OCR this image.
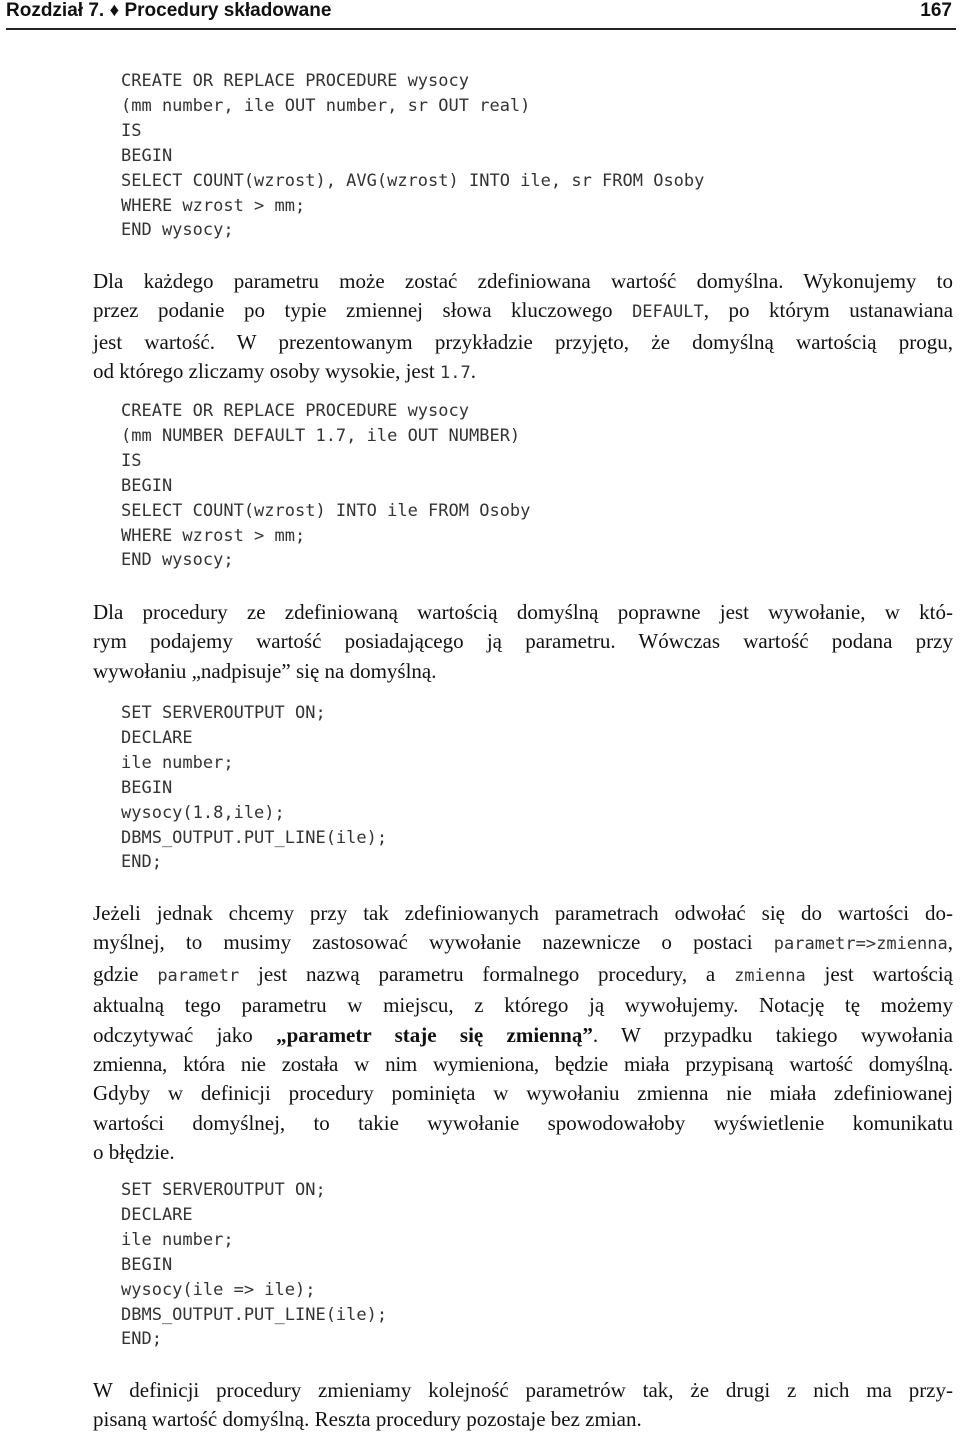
Rozdział 7. ♦ Procedury składowane	167
CREATE OR REPLACE PROCEDURE wysocy
(mm number, ile OUT number, sr OUT real)
IS
BEGIN
SELECT COUNT(wzrost), AVG(wzrost) INTO ile, sr FROM Osoby
WHERE wzrost > mm;
END wysocy;

Dla każdego parametru może zostać zdefiniowana wartość domyślna. Wykonujemy to
przez podanie po typie zmiennej słowa kluczowego DEFAULT, po którym ustanawiana
jest wartość. W prezentowanym przykładzie przyjęto, że domyślną wartością progu,
od którego zliczamy osoby wysokie, jest 1.7.

CREATE OR REPLACE PROCEDURE wysocy
(mm NUMBER DEFAULT 1.7, ile OUT NUMBER)
IS
BEGIN
SELECT COUNT(wzrost) INTO ile FROM Osoby
WHERE wzrost > mm;
END wysocy;

Dla procedury ze zdefiniowaną wartością domyślną poprawne jest wywołanie, w któ-
rym podajemy wartość posiadającego ją parametru. Wówczas wartość podana przy
wywołaniu „nadpisuje” się na domyślną.

SET SERVEROUTPUT ON;
DECLARE
ile number;
BEGIN
wysocy(1.8,ile);
DBMS_OUTPUT.PUT_LINE(ile);
END;

Jeżeli jednak chcemy przy tak zdefiniowanych parametrach odwołać się do wartości do-
myślnej, to musimy zastosować wywołanie nazewnicze o postaci parametr=>zmienna,
gdzie parametr jest nazwą parametru formalnego procedury, a zmienna jest wartością
aktualną tego parametru w miejscu, z którego ją wywołujemy. Notację tę możemy
odczytywać jako „parametr staje się zmienną”. W przypadku takiego wywołania
zmienna, która nie została w nim wymieniona, będzie miała przypisaną wartość domyślną.
Gdyby w definicji procedury pominięta w wywołaniu zmienna nie miała zdefiniowanej
wartości domyślnej, to takie wywołanie spowodowałoby wyświetlenie komunikatu
o błędzie.

SET SERVEROUTPUT ON;
DECLARE
ile number;
BEGIN
wysocy(ile => ile);
DBMS_OUTPUT.PUT_LINE(ile);
END;

W definicji procedury zmieniamy kolejność parametrów tak, że drugi z nich ma przy-
pisaną wartość domyślną. Reszta procedury pozostaje bez zmian.
